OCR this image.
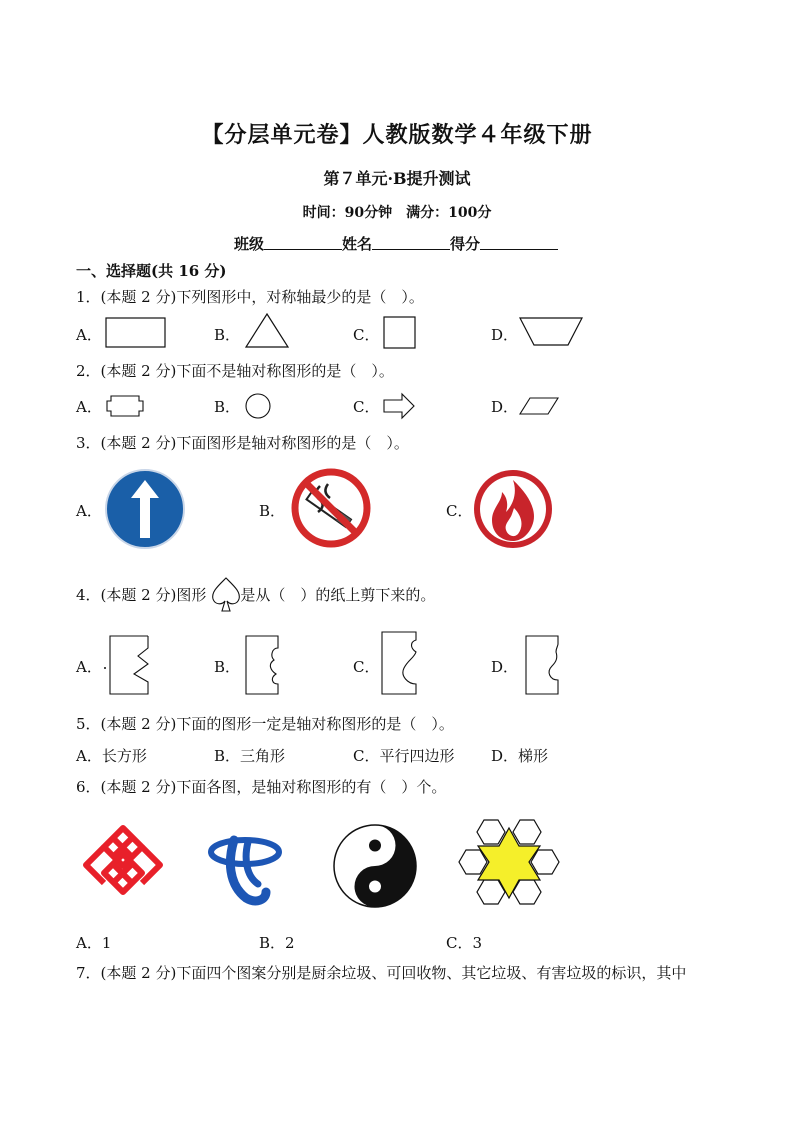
【分层单元卷】人教版数学４年级下册
第７单元·B提升测试
时间：90分钟　满分：100分
班级	姓名	得分
一、选择题(共 16 分)
1．(本题 2 分)下列图形中，对称轴最少的是（　）。
A．	B．	C．	D．
2．(本题 2 分)下面不是轴对称图形的是（　）。
A．	B．	C．	D．
3．(本题 2 分)下面图形是轴对称图形的是（　）。
A．	B．	C．
4．(本题 2 分)图形 是从（　）的纸上剪下来的。
A．	B．	C．	D．
5．(本题 2 分)下面的图形一定是轴对称图形的是（　）。
A．长方形	B．三角形	C．平行四边形 D．梯形
6．(本题 2 分)下面各图，是轴对称图形的有（　）个。
A．1	B．2	C．3
7．(本题 2 分)下面四个图案分别是厨余垃圾、可回收物、其它垃圾、有害垃圾的标识，其中
